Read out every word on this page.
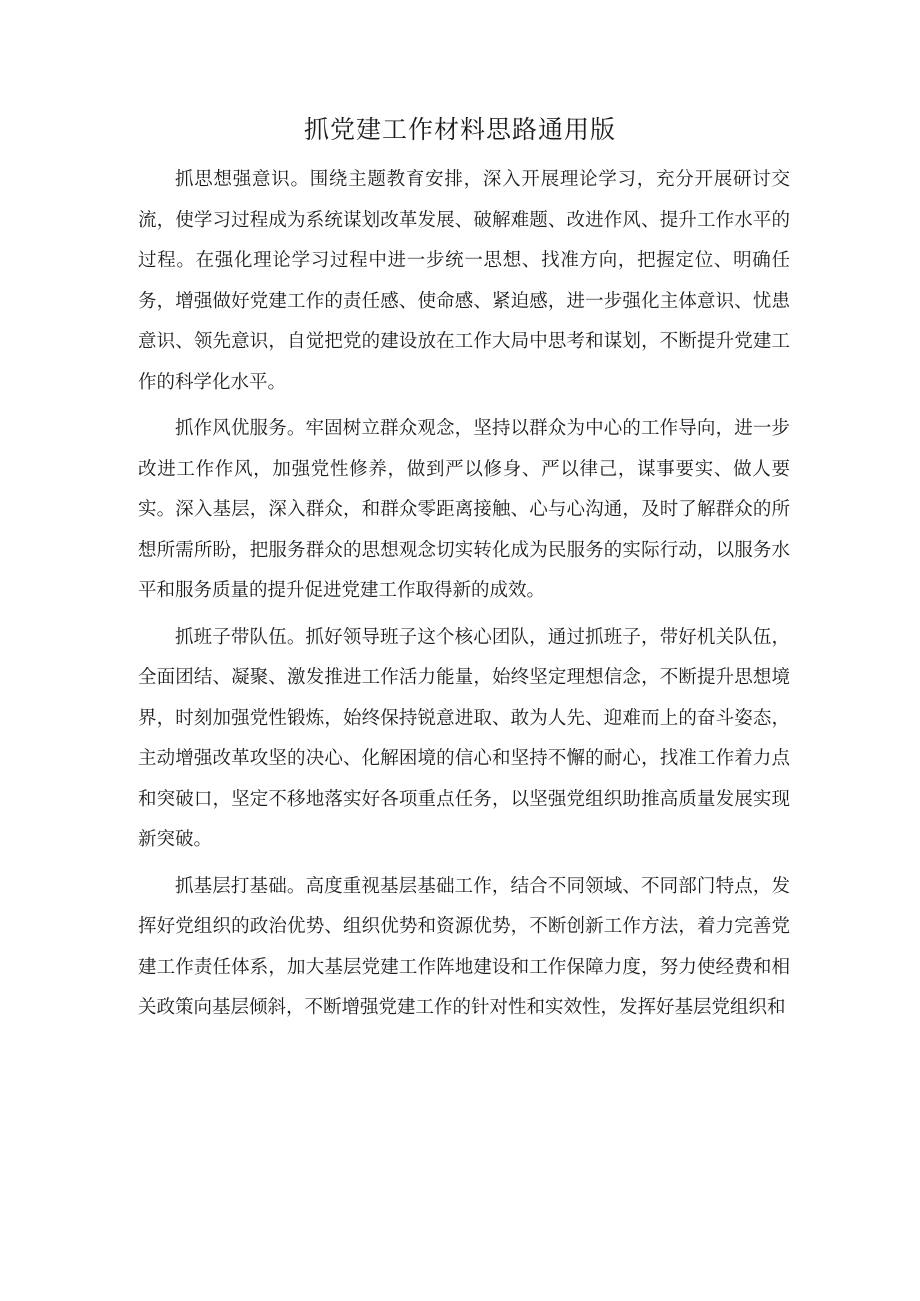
抓党建工作材料思路通用版

抓思想强意识。围绕主题教育安排，深入开展理论学习，充分开展研讨交流，使学习过程成为系统谋划改革发展、破解难题、改进作风、提升工作水平的过程。在强化理论学习过程中进一步统一思想、找准方向，把握定位、明确任务，增强做好党建工作的责任感、使命感、紧迫感，进一步强化主体意识、忧患意识、领先意识，自觉把党的建设放在工作大局中思考和谋划，不断提升党建工作的科学化水平。

抓作风优服务。牢固树立群众观念，坚持以群众为中心的工作导向，进一步改进工作作风，加强党性修养，做到严以修身、严以律己，谋事要实、做人要实。深入基层，深入群众，和群众零距离接触、心与心沟通，及时了解群众的所想所需所盼，把服务群众的思想观念切实转化成为民服务的实际行动，以服务水平和服务质量的提升促进党建工作取得新的成效。

抓班子带队伍。抓好领导班子这个核心团队，通过抓班子，带好机关队伍，全面团结、凝聚、激发推进工作活力能量，始终坚定理想信念，不断提升思想境界，时刻加强党性锻炼，始终保持锐意进取、敢为人先、迎难而上的奋斗姿态，主动增强改革攻坚的决心、化解困境的信心和坚持不懈的耐心，找准工作着力点和突破口，坚定不移地落实好各项重点任务，以坚强党组织助推高质量发展实现新突破。

抓基层打基础。高度重视基层基础工作，结合不同领域、不同部门特点，发挥好党组织的政治优势、组织优势和资源优势，不断创新工作方法，着力完善党建工作责任体系，加大基层党建工作阵地建设和工作保障力度，努力使经费和相关政策向基层倾斜，不断增强党建工作的针对性和实效性，发挥好基层党组织和
